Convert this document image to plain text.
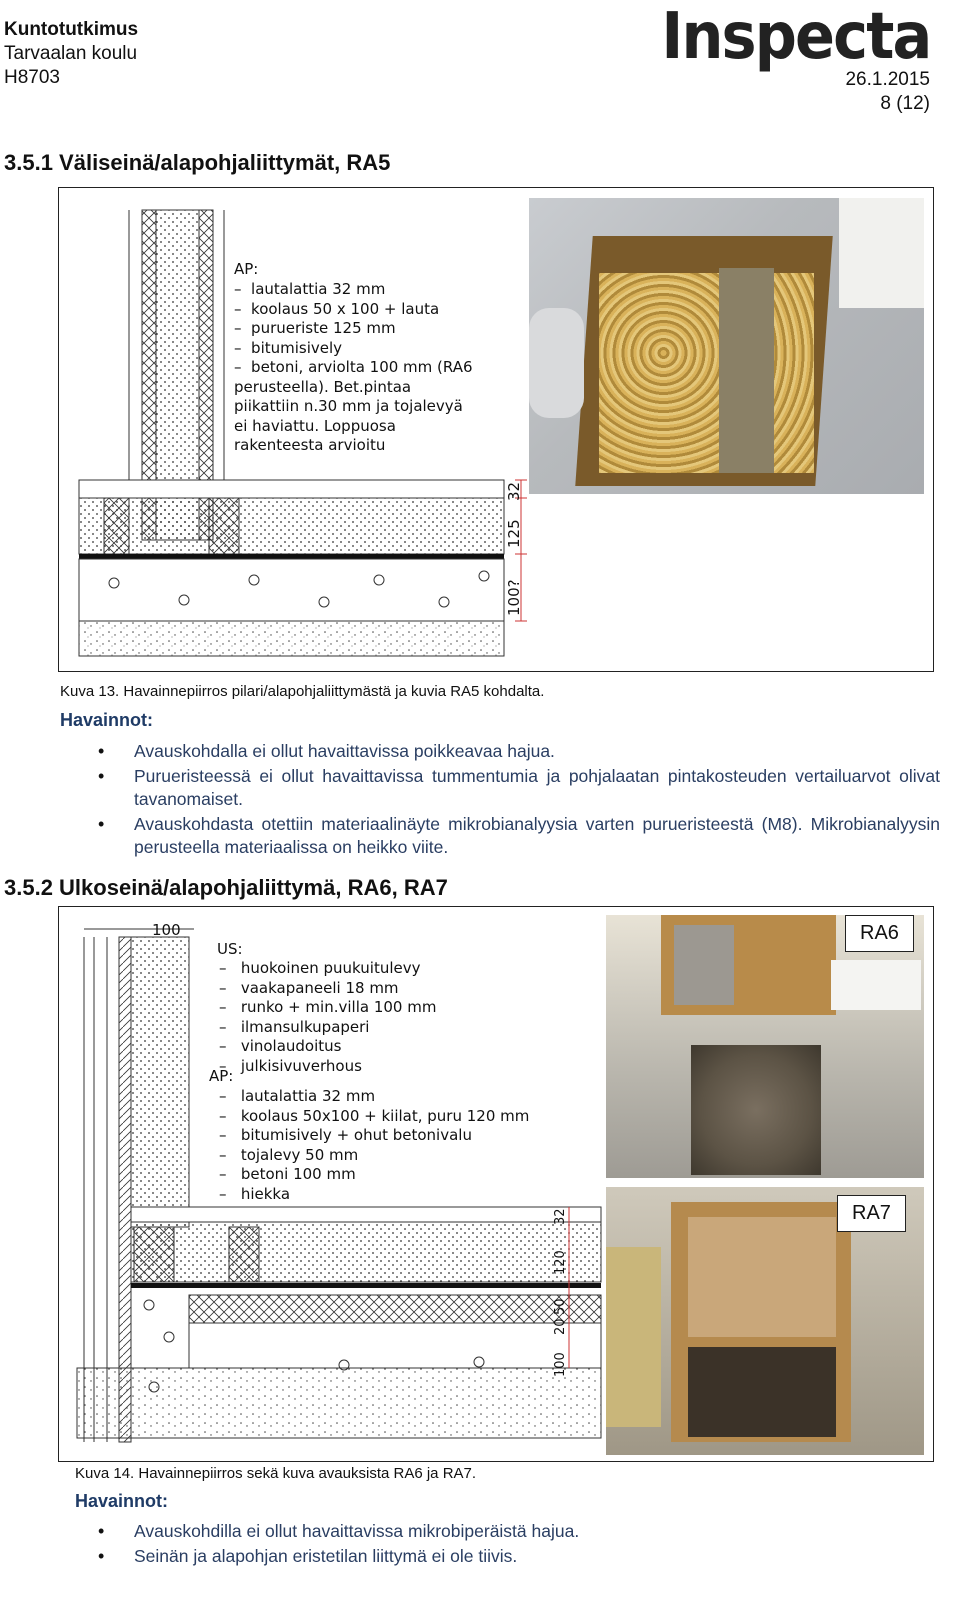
Kuntotutkimus
Tarvaalan koulu
H8703
Inspecta
26.1.2015
8 (12)
3.5.1 Väliseinä/alapohjaliittymät, RA5
32
125
100?
AP:
–  lautalattia 32 mm
–  koolaus 50 x 100 + lauta
–  purueriste 125 mm
–  bitumisively
–  betoni, arviolta 100 mm (RA6
perusteella). Bet.pintaa
piikattiin n.30 mm ja tojalevyä
ei haviattu. Loppuosa
rakenteesta arvioitu
Kuva 13. Havainnepiirros pilari/alapohjaliittymästä ja kuvia RA5 kohdalta.
Havainnot:
• Avauskohdalla ei ollut havaittavissa poikkeavaa hajua.
• Purueristeessä ei ollut havaittavissa tummentumia ja pohjalaatan pintakosteuden vertailuarvot olivat tavanomaiset.
• Avauskohdasta otettiin materiaalinäyte mikrobianalyysia varten purueristeestä (M8). Mikrobianalyysin perusteella materiaalissa on heikko viite.
3.5.2 Ulkoseinä/alapohjaliittymä, RA6, RA7
100
US:
–   huokoinen puukuitulevy
–   vaakapaneeli 18 mm
–   runko + min.villa 100 mm
–   ilmansulkupaperi
–   vinolaudoitus
–   julkisivuverhous
AP:
–   lautalattia 32 mm
–   koolaus 50x100 + kiilat, puru 120 mm
–   bitumisively + ohut betonivalu
–   tojalevy 50 mm
–   betoni 100 mm
–   hiekka
32
120
50
20
100
RA6
RA7
Kuva 14. Havainnepiirros sekä kuva avauksista RA6 ja RA7.
Havainnot:
• Avauskohdilla ei ollut havaittavissa mikrobiperäistä hajua.
• Seinän ja alapohjan eristetilan liittymä ei ole tiivis.
